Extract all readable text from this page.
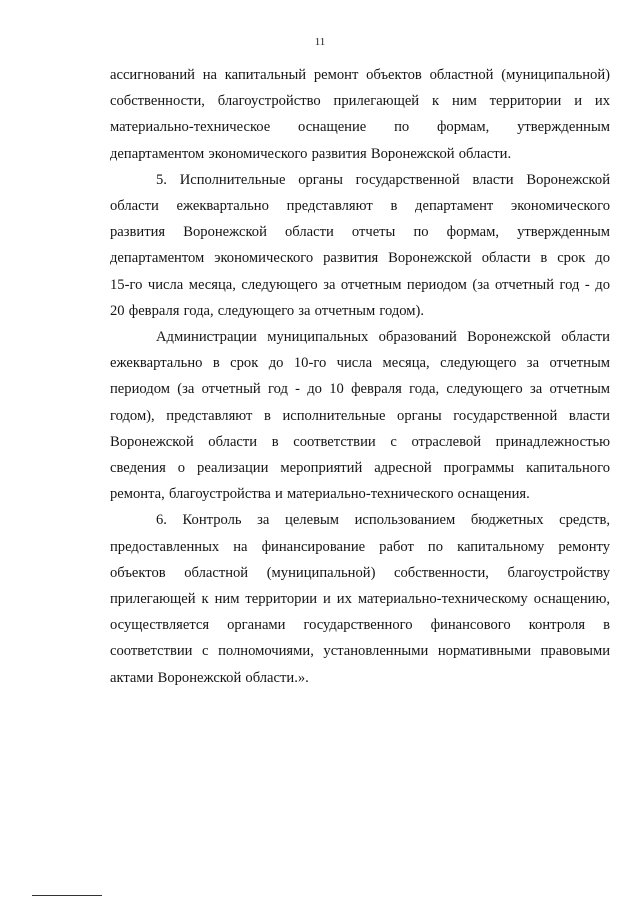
11

ассигнований на капитальный ремонт объектов областной (муниципальной)
собственности, благоустройство прилегающей к ним территории и их
материально-техническое оснащение по формам, утвержденным
департаментом экономического развития Воронежской области.

5. Исполнительные органы государственной власти Воронежской
области ежеквартально представляют в департамент экономического
развития Воронежской области отчеты по формам, утвержденным
департаментом экономического развития Воронежской области в срок до
15-го числа месяца, следующего за отчетным периодом (за отчетный год - до
20 февраля года, следующего за отчетным годом).

Администрации муниципальных образований Воронежской области
ежеквартально в срок до 10-го числа месяца, следующего за отчетным
периодом (за отчетный год - до 10 февраля года, следующего за отчетным
годом), представляют в исполнительные органы государственной власти
Воронежской области в соответствии с отраслевой принадлежностью
сведения о реализации мероприятий адресной программы капитального
ремонта, благоустройства и материально-технического оснащения.

6. Контроль за целевым использованием бюджетных средств,
предоставленных на финансирование работ по капитальному ремонту
объектов областной (муниципальной) собственности, благоустройству
прилегающей к ним территории и их материально-техническому оснащению,
осуществляется органами государственного финансового контроля в
соответствии с полномочиями, установленными нормативными правовыми
актами Воронежской области.».
